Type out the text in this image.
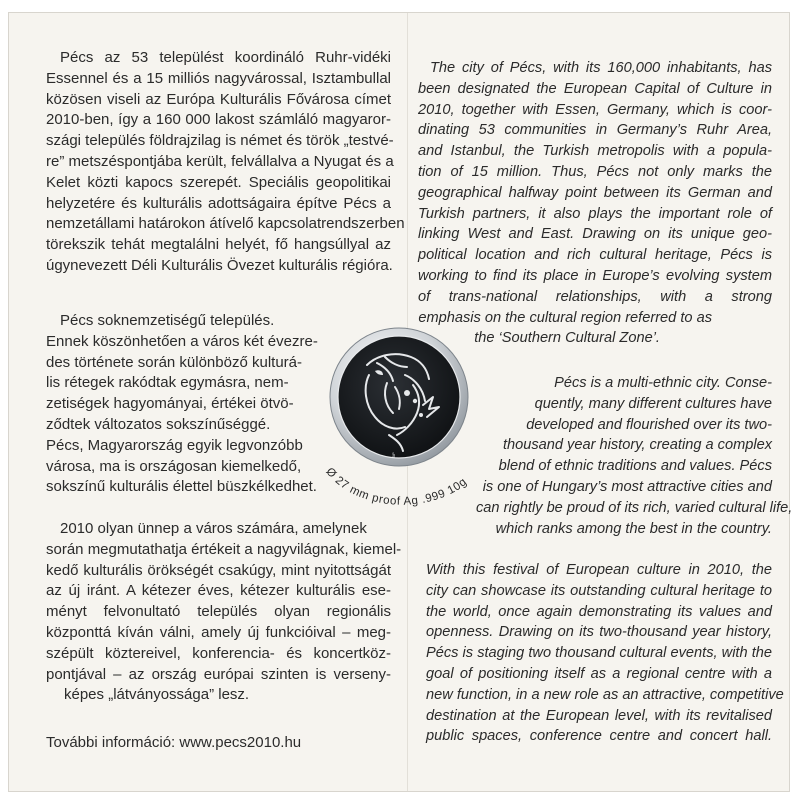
Pécs az 53 települést koordináló Ruhr-vidéki
Essennel és a 15 milliós nagyvárossal, Isztambullal
közösen viseli az Európa Kulturális Fővárosa címet
2010-ben, így a 160 000 lakost számláló magyaror-
szági település földrajzilag is német és török „testvé-
re” metszéspontjába került, felvállalva a Nyugat és a
Kelet közti kapocs szerepét. Speciális geopolitikai
helyzetére és kulturális adottságaira építve Pécs a
nemzetállami határokon átívelő kapcsolatrendszerben
törekszik tehát megtalálni helyét, fő hangsúllyal az
úgynevezett Déli Kulturális Övezet kulturális régióra.
Pécs soknemzetiségű település.
Ennek köszönhetően a város két évezre-
des története során különböző kulturá-
lis rétegek rakódtak egymásra, nem-
zetiségek hagyományai, értékei ötvö-
ződtek változatos sokszínűséggé.
Pécs, Magyarország egyik legvonzóbb
városa, ma is országosan kiemelkedő,
sokszínű kulturális élettel büszkélkedhet.
2010 olyan ünnep a város számára, amelynek
során megmutathatja értékeit a nagyvilágnak, kiemel-
kedő kulturális örökségét csakúgy, mint nyitottságát
az új iránt. A kétezer éves, kétezer kulturális ese-
ményt felvonultató település olyan regionális
központtá kíván válni, amely új funkcióival – meg-
szépült köztereivel, konferencia- és koncertköz-
pontjával – az ország európai szinten is verseny-
képes „látványossága” lesz.
További információ: www.pecs2010.hu
The city of Pécs, with its 160,000 inhabitants, has
been designated the European Capital of Culture in
2010, together with Essen, Germany, which is coor-
dinating 53 communities in Germany’s Ruhr Area,
and Istanbul, the Turkish metropolis with a popula-
tion of 15 million. Thus, Pécs not only marks the
geographical halfway point between its German and
Turkish partners, it also plays the important role of
linking West and East. Drawing on its unique geo-
political location and rich cultural heritage, Pécs is
working to find its place in Europe’s evolving system
of trans-national relationships, with a strong
emphasis on the cultural region referred to as
the ‘Southern Cultural Zone’.
Pécs is a multi-ethnic city. Conse-
quently, many different cultures have
developed and flourished over its two-
thousand year history, creating a complex
blend of ethnic traditions and values. Pécs
is one of Hungary’s most attractive cities and
can rightly be proud of its rich, varied cultural life,
which ranks among the best in the country.
With this festival of European culture in 2010, the
city can showcase its outstanding cultural heritage to
the world, once again demonstrating its values and
openness. Drawing on its two-thousand year history,
Pécs is staging two thousand cultural events, with the
goal of positioning itself as a regional centre with a
new function, in a new role as an attractive, competitive
destination at the European level, with its revitalised
public spaces, conference centre and concert hall.
BP
Ø 27 mm proof Ag .999 10g
